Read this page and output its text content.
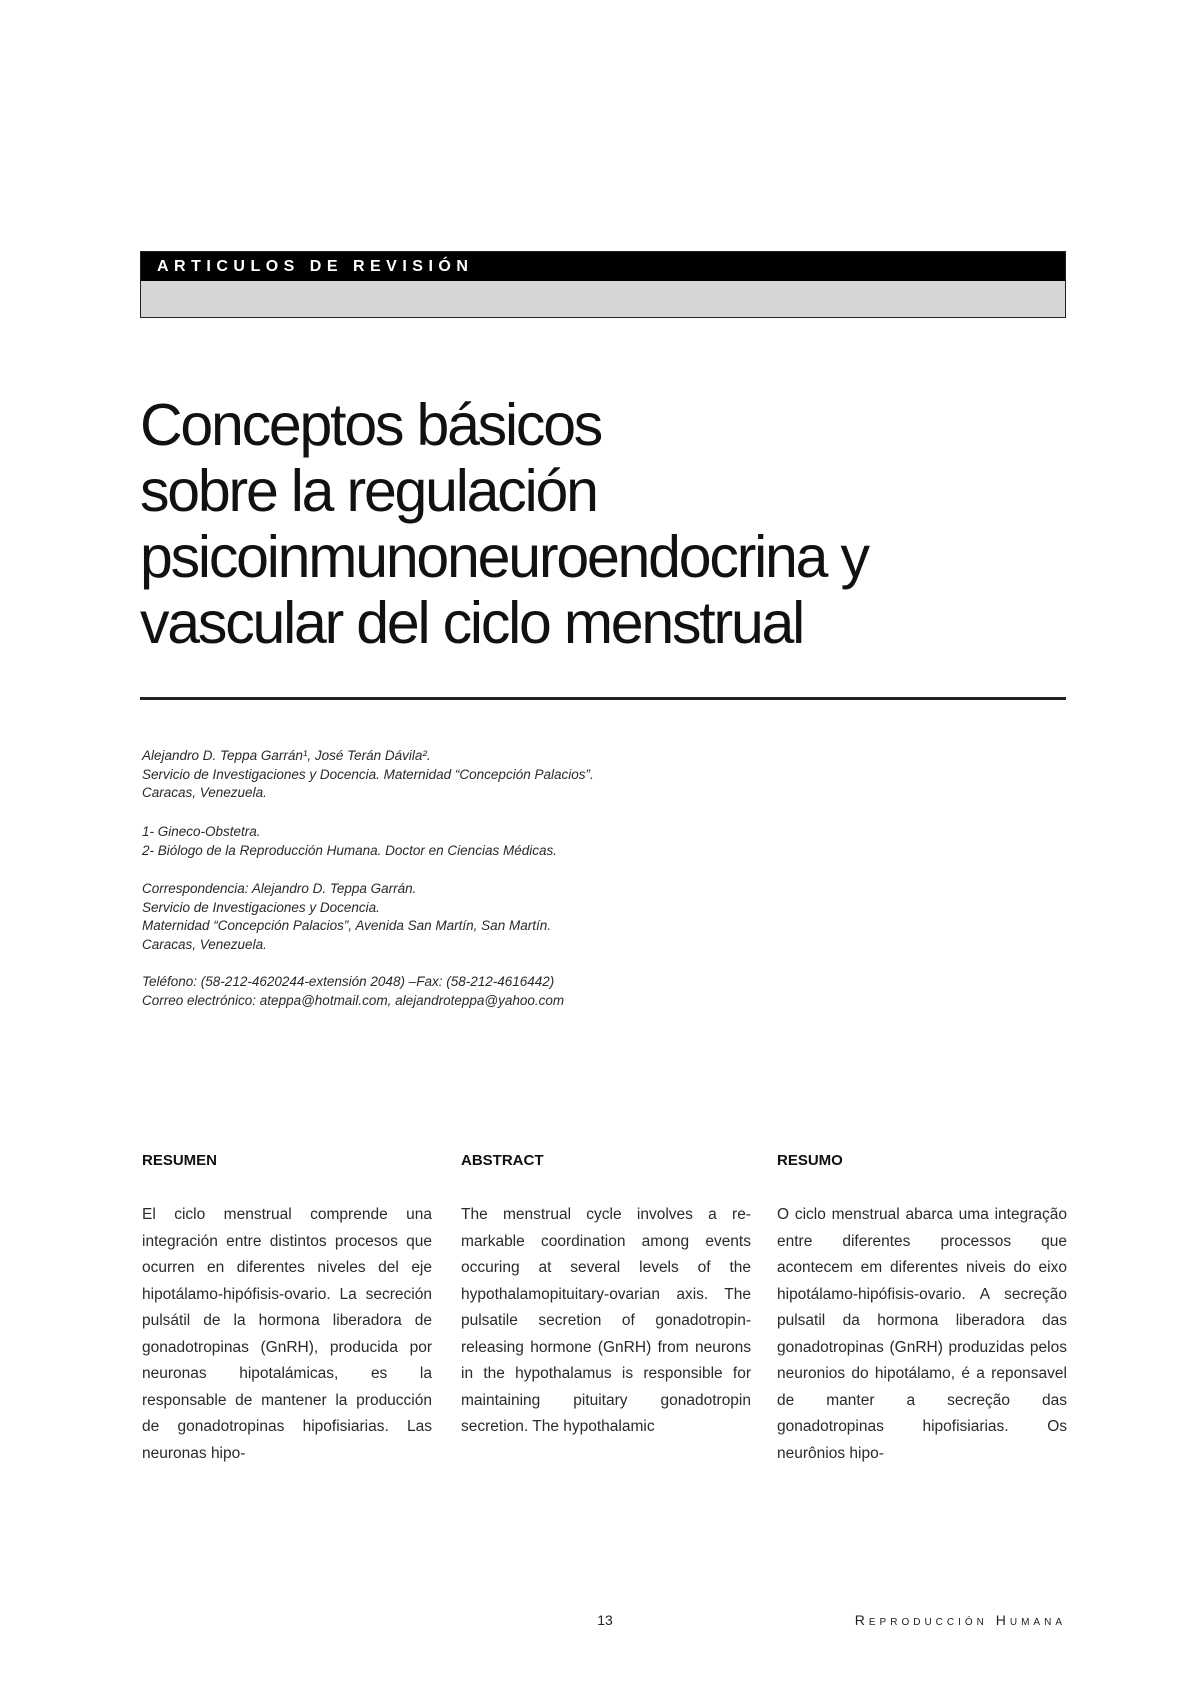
ARTICULOS DE REVISIÓN
Conceptos básicos
sobre la regulación
psicoinmunoneuroendocrina y
vascular del ciclo menstrual
Alejandro D. Teppa Garrán¹, José Terán Dávila².
Servicio de Investigaciones y Docencia. Maternidad “Concepción Palacios”.
Caracas, Venezuela.
1- Gineco-Obstetra.
2- Biólogo de la Reproducción Humana. Doctor en Ciencias Médicas.
Correspondencia: Alejandro D. Teppa Garrán.
Servicio de Investigaciones y Docencia.
Maternidad “Concepción Palacios”, Avenida San Martín, San Martín.
Caracas, Venezuela.
Teléfono: (58-212-4620244-extensión 2048) –Fax: (58-212-4616442)
Correo electrónico: ateppa@hotmail.com, alejandroteppa@yahoo.com
RESUMEN

El ciclo menstrual comprende una integración entre distintos procesos que ocurren en diferentes niveles del eje hipotálamo-hipófisis-ovario. La secreción pulsátil de la hormona liberadora de gonadotropinas (GnRH), producida por neuronas hipotalámicas, es la responsable de mantener la producción de gonadotropinas hipofisiarias. Las neuronas hipo-

ABSTRACT

The menstrual cycle involves a remarkable coordination among events occuring at several levels of the hypothalamopituitary-ovarian axis. The pulsatile secretion of gonadotropin-releasing hormone (GnRH) from neurons in the hypothalamus is responsible for maintaining pituitary gonadotropin secretion. The hypothalamic

RESUMO

O ciclo menstrual abarca uma integração entre diferentes processos que acontecem em diferentes niveis do eixo hipotálamo-hipófisis-ovario. A secreção pulsatil da hormona liberadora das gonadotropinas (GnRH) produzidas pelos neuronios do hipotálamo, é a reponsavel de manter a secreção das gonadotropinas hipofisiarias. Os neurônios hipo-

13	Reproducción Humana
